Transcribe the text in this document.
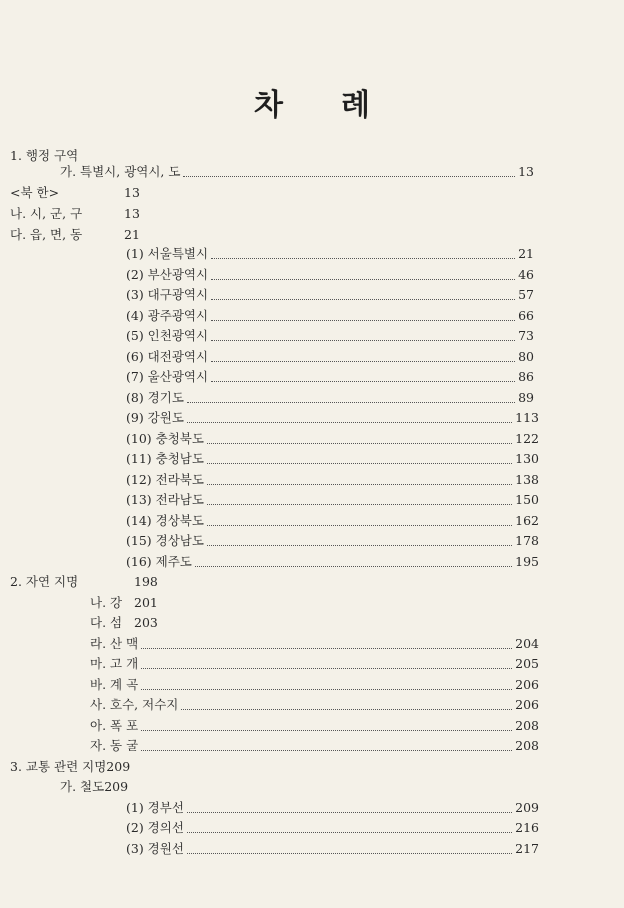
차 례
1. 행정 구역
가. 특별시, 광역시, 도	13
<북 한>	13
나. 시, 군, 구	13
다. 읍, 면, 동	21
(1) 서울특별시	21
(2) 부산광역시	46
(3) 대구광역시	57
(4) 광주광역시	66
(5) 인천광역시	73
(6) 대전광역시	80
(7) 울산광역시	86
(8) 경기도	89
(9) 강원도	113
(10) 충청북도	122
(11) 충청남도	130
(12) 전라북도	138
(13) 전라남도	150
(14) 경상북도	162
(15) 경상남도	178
(16) 제주도	195
2. 자연 지명	198
나. 강 201
다. 섬 203
라. 산 맥	204
마. 고 개	205
바. 계 곡	206
사. 호수, 저수지	206
아. 폭 포	208
자. 동 굴	208
3. 교통 관련 지명 209
가. 철도 209
(1) 경부선	209
(2) 경의선	216
(3) 경원선	217
